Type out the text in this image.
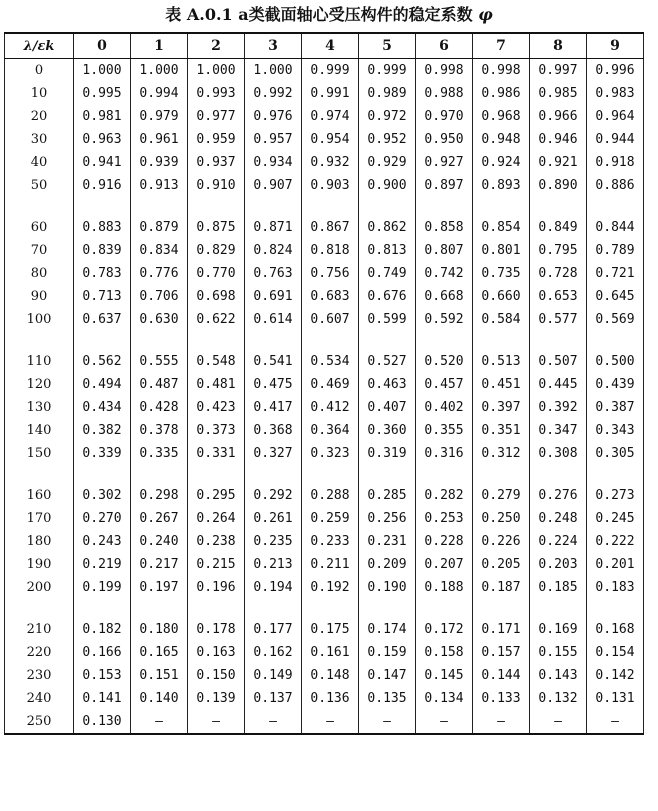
表 A.0.1 a类截面轴心受压构件的稳定系数 φ
λ/εk	0	1	2	3	4	5	6	7	8	9
0	1.000	1.000	1.000	1.000	0.999	0.999	0.998	0.998	0.997	0.996
10	0.995	0.994	0.993	0.992	0.991	0.989	0.988	0.986	0.985	0.983
20	0.981	0.979	0.977	0.976	0.974	0.972	0.970	0.968	0.966	0.964
30	0.963	0.961	0.959	0.957	0.954	0.952	0.950	0.948	0.946	0.944
40	0.941	0.939	0.937	0.934	0.932	0.929	0.927	0.924	0.921	0.918
50	0.916	0.913	0.910	0.907	0.903	0.900	0.897	0.893	0.890	0.886

60	0.883	0.879	0.875	0.871	0.867	0.862	0.858	0.854	0.849	0.844
70	0.839	0.834	0.829	0.824	0.818	0.813	0.807	0.801	0.795	0.789
80	0.783	0.776	0.770	0.763	0.756	0.749	0.742	0.735	0.728	0.721
90	0.713	0.706	0.698	0.691	0.683	0.676	0.668	0.660	0.653	0.645
100	0.637	0.630	0.622	0.614	0.607	0.599	0.592	0.584	0.577	0.569

110	0.562	0.555	0.548	0.541	0.534	0.527	0.520	0.513	0.507	0.500
120	0.494	0.487	0.481	0.475	0.469	0.463	0.457	0.451	0.445	0.439
130	0.434	0.428	0.423	0.417	0.412	0.407	0.402	0.397	0.392	0.387
140	0.382	0.378	0.373	0.368	0.364	0.360	0.355	0.351	0.347	0.343
150	0.339	0.335	0.331	0.327	0.323	0.319	0.316	0.312	0.308	0.305

160	0.302	0.298	0.295	0.292	0.288	0.285	0.282	0.279	0.276	0.273
170	0.270	0.267	0.264	0.261	0.259	0.256	0.253	0.250	0.248	0.245
180	0.243	0.240	0.238	0.235	0.233	0.231	0.228	0.226	0.224	0.222
190	0.219	0.217	0.215	0.213	0.211	0.209	0.207	0.205	0.203	0.201
200	0.199	0.197	0.196	0.194	0.192	0.190	0.188	0.187	0.185	0.183

210	0.182	0.180	0.178	0.177	0.175	0.174	0.172	0.171	0.169	0.168
220	0.166	0.165	0.163	0.162	0.161	0.159	0.158	0.157	0.155	0.154
230	0.153	0.151	0.150	0.149	0.148	0.147	0.145	0.144	0.143	0.142
240	0.141	0.140	0.139	0.137	0.136	0.135	0.134	0.133	0.132	0.131
250	0.130	—	—	—	—	—	—	—	—	—
